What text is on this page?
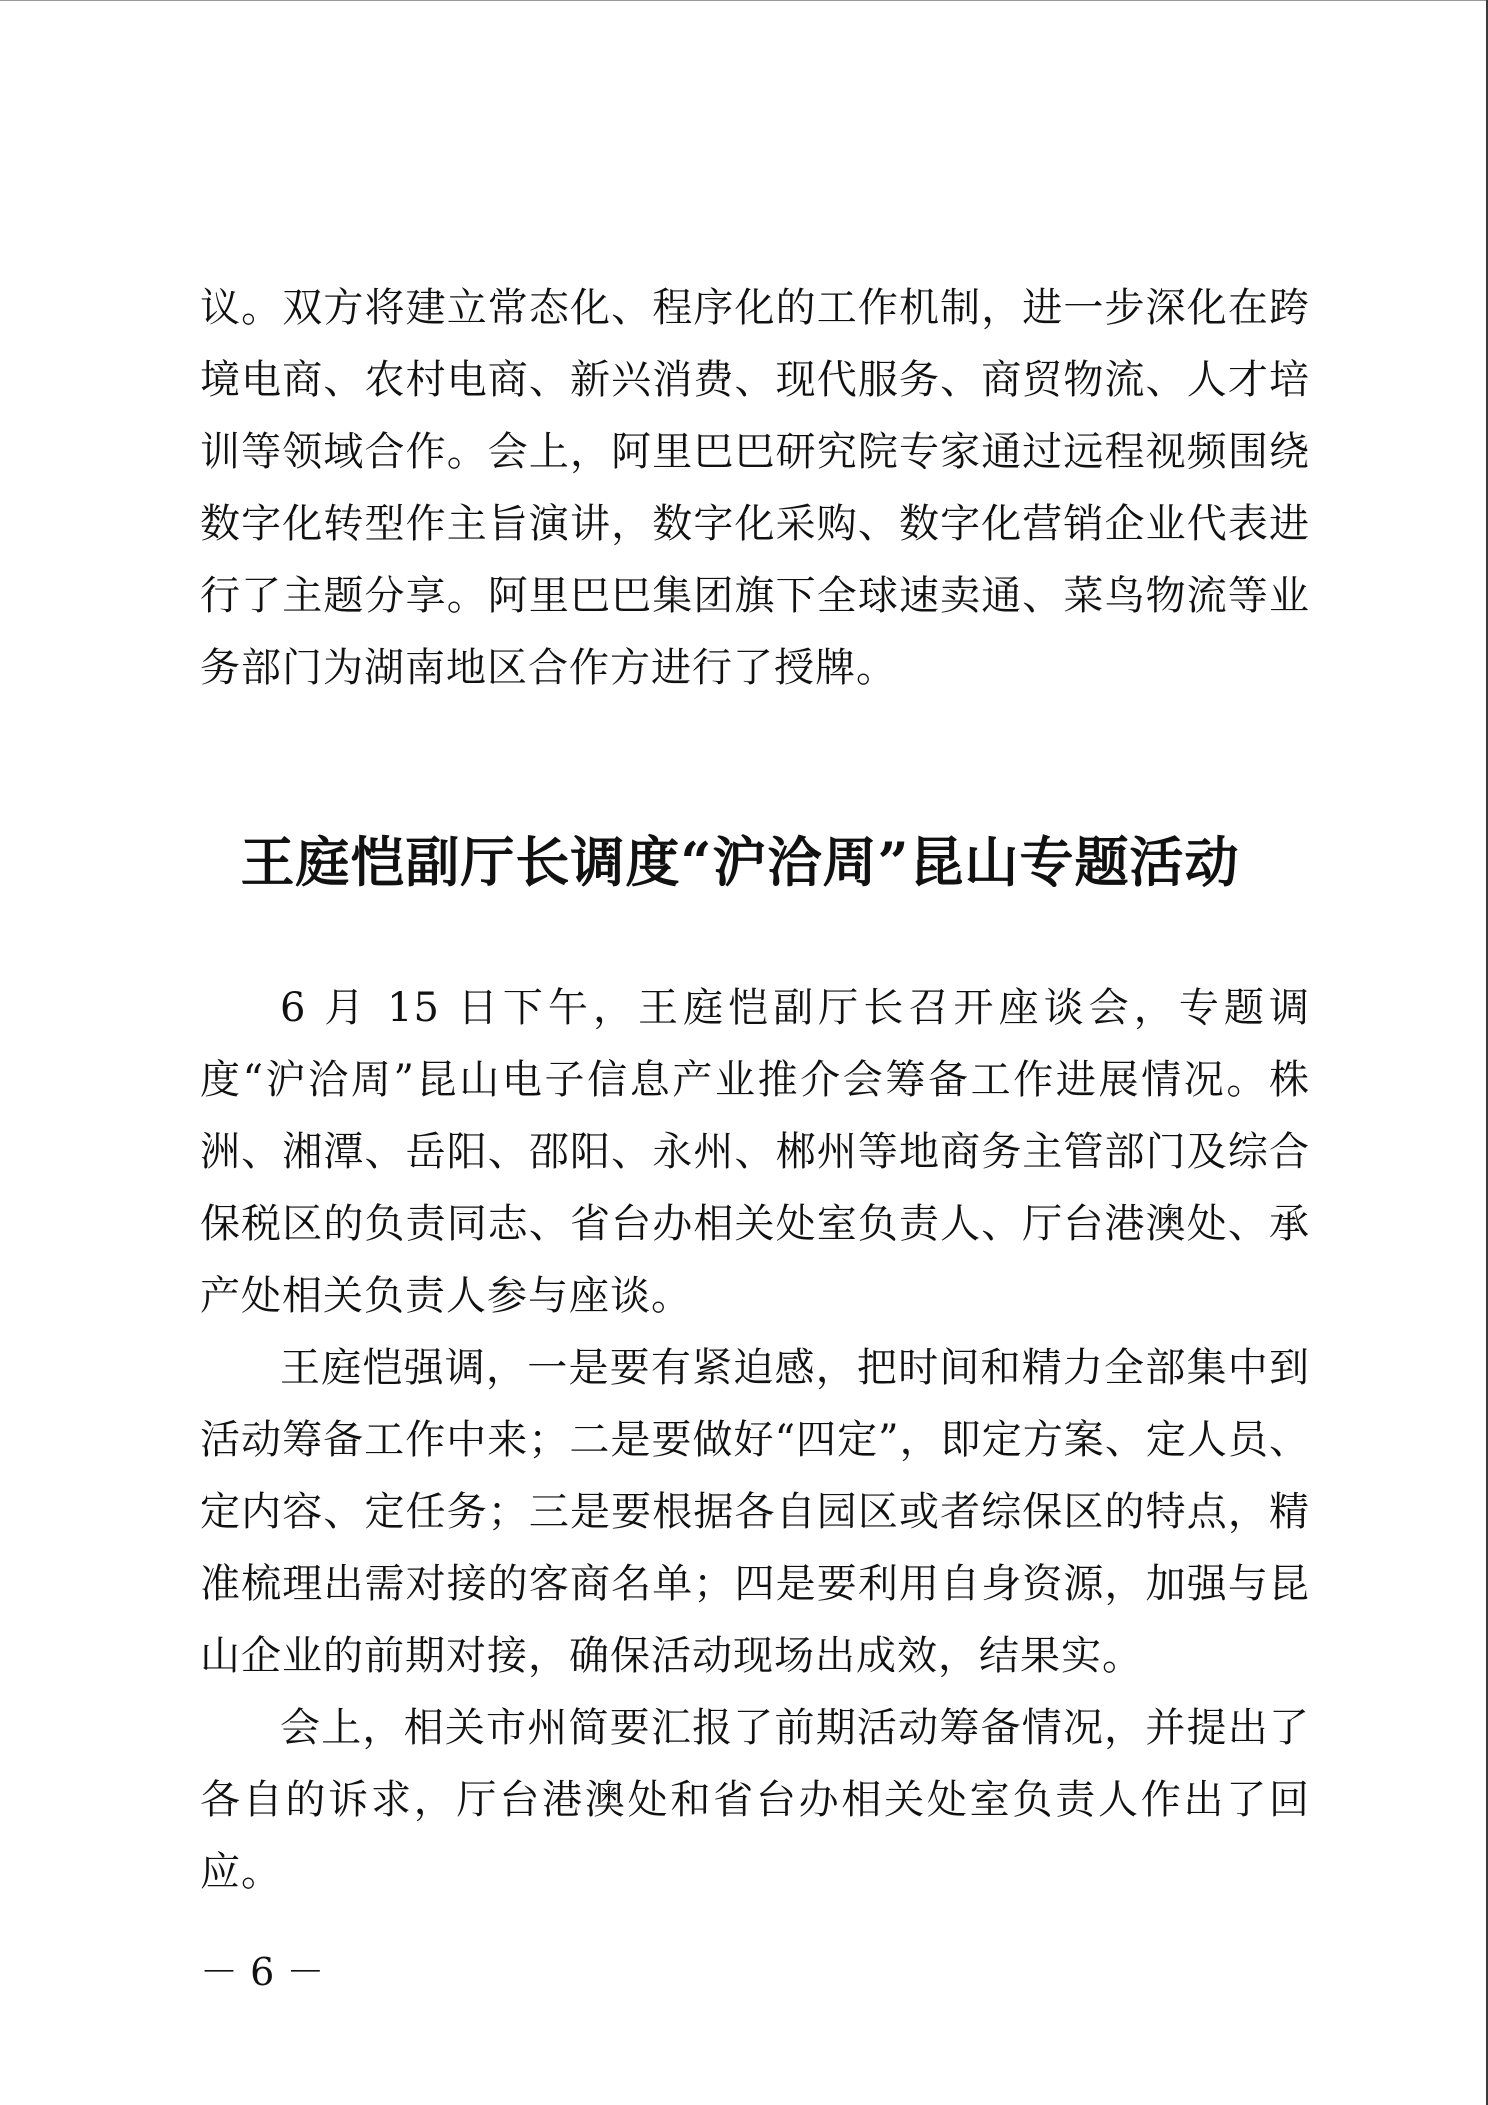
议。双方将建立常态化、程序化的工作机制，进一步深化在跨境电商、农村电商、新兴消费、现代服务、商贸物流、人才培训等领域合作。会上，阿里巴巴研究院专家通过远程视频围绕数字化转型作主旨演讲，数字化采购、数字化营销企业代表进行了主题分享。阿里巴巴集团旗下全球速卖通、菜鸟物流等业务部门为湖南地区合作方进行了授牌。

王庭恺副厅长调度“沪洽周”昆山专题活动

6 月 15 日下午，王庭恺副厅长召开座谈会，专题调度“沪洽周”昆山电子信息产业推介会筹备工作进展情况。株洲、湘潭、岳阳、邵阳、永州、郴州等地商务主管部门及综合保税区的负责同志、省台办相关处室负责人、厅台港澳处、承产处相关负责人参与座谈。

王庭恺强调，一是要有紧迫感，把时间和精力全部集中到活动筹备工作中来；二是要做好“四定”，即定方案、定人员、定内容、定任务；三是要根据各自园区或者综保区的特点，精准梳理出需对接的客商名单；四是要利用自身资源，加强与昆山企业的前期对接，确保活动现场出成效，结果实。

会上，相关市州简要汇报了前期活动筹备情况，并提出了各自的诉求，厅台港澳处和省台办相关处室负责人作出了回应。

－ 6 －
